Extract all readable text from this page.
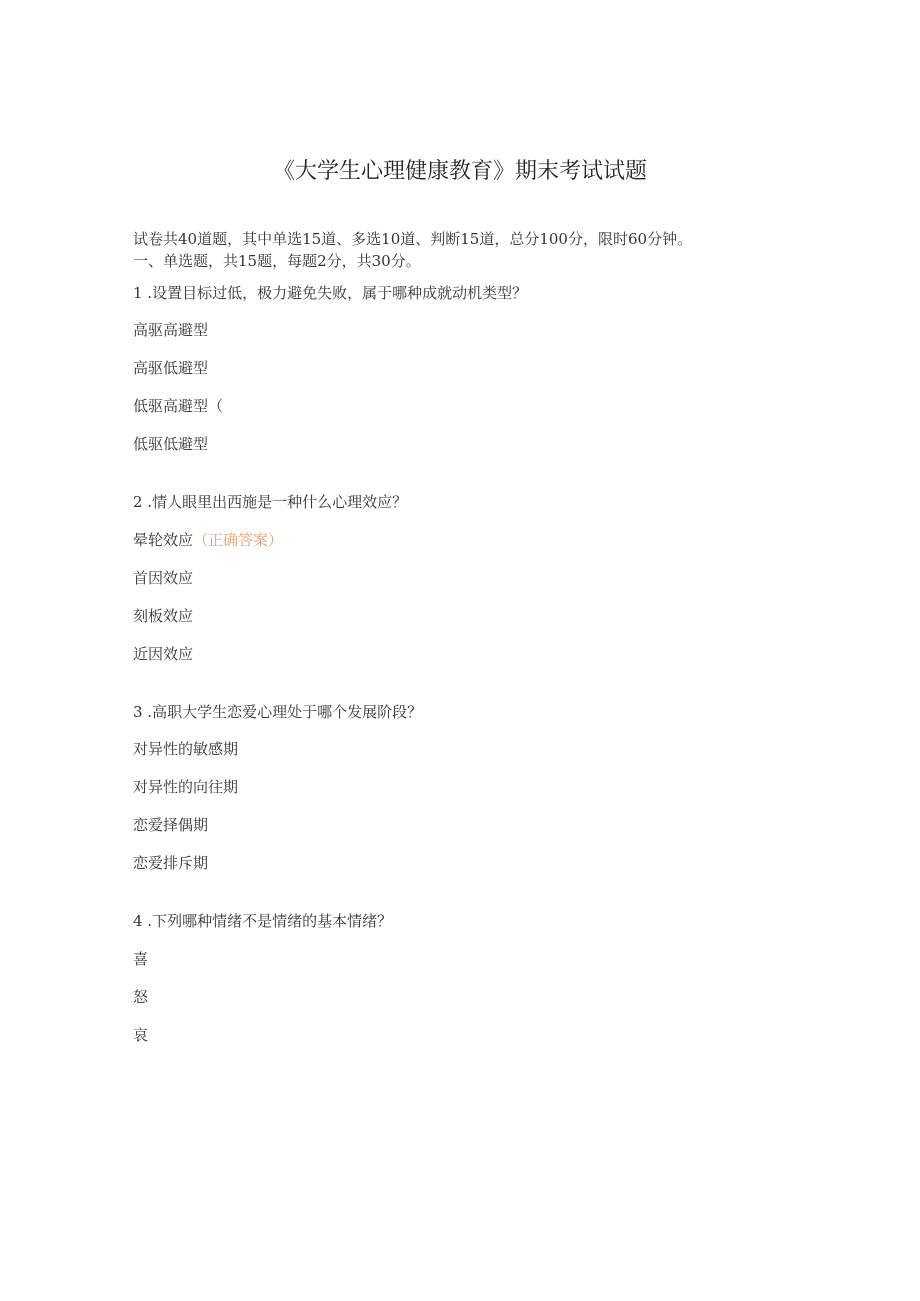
《大学生心理健康教育》期末考试试题
试卷共40道题，其中单选15道、多选10道、判断15道，总分100分，限时60分钟。
一、单选题，共15题，每题2分，共30分。
1 .设置目标过低，极力避免失败，属于哪种成就动机类型？
高驱高避型
高驱低避型
低驱高避型（
低驱低避型
2 .情人眼里出西施是一种什么心理效应？
晕轮效应（正确答案）
首因效应
刻板效应
近因效应
3 .高职大学生恋爱心理处于哪个发展阶段？
对异性的敏感期
对异性的向往期
恋爱择偶期
恋爱排斥期
4 .下列哪种情绪不是情绪的基本情绪？
喜
怒
哀
